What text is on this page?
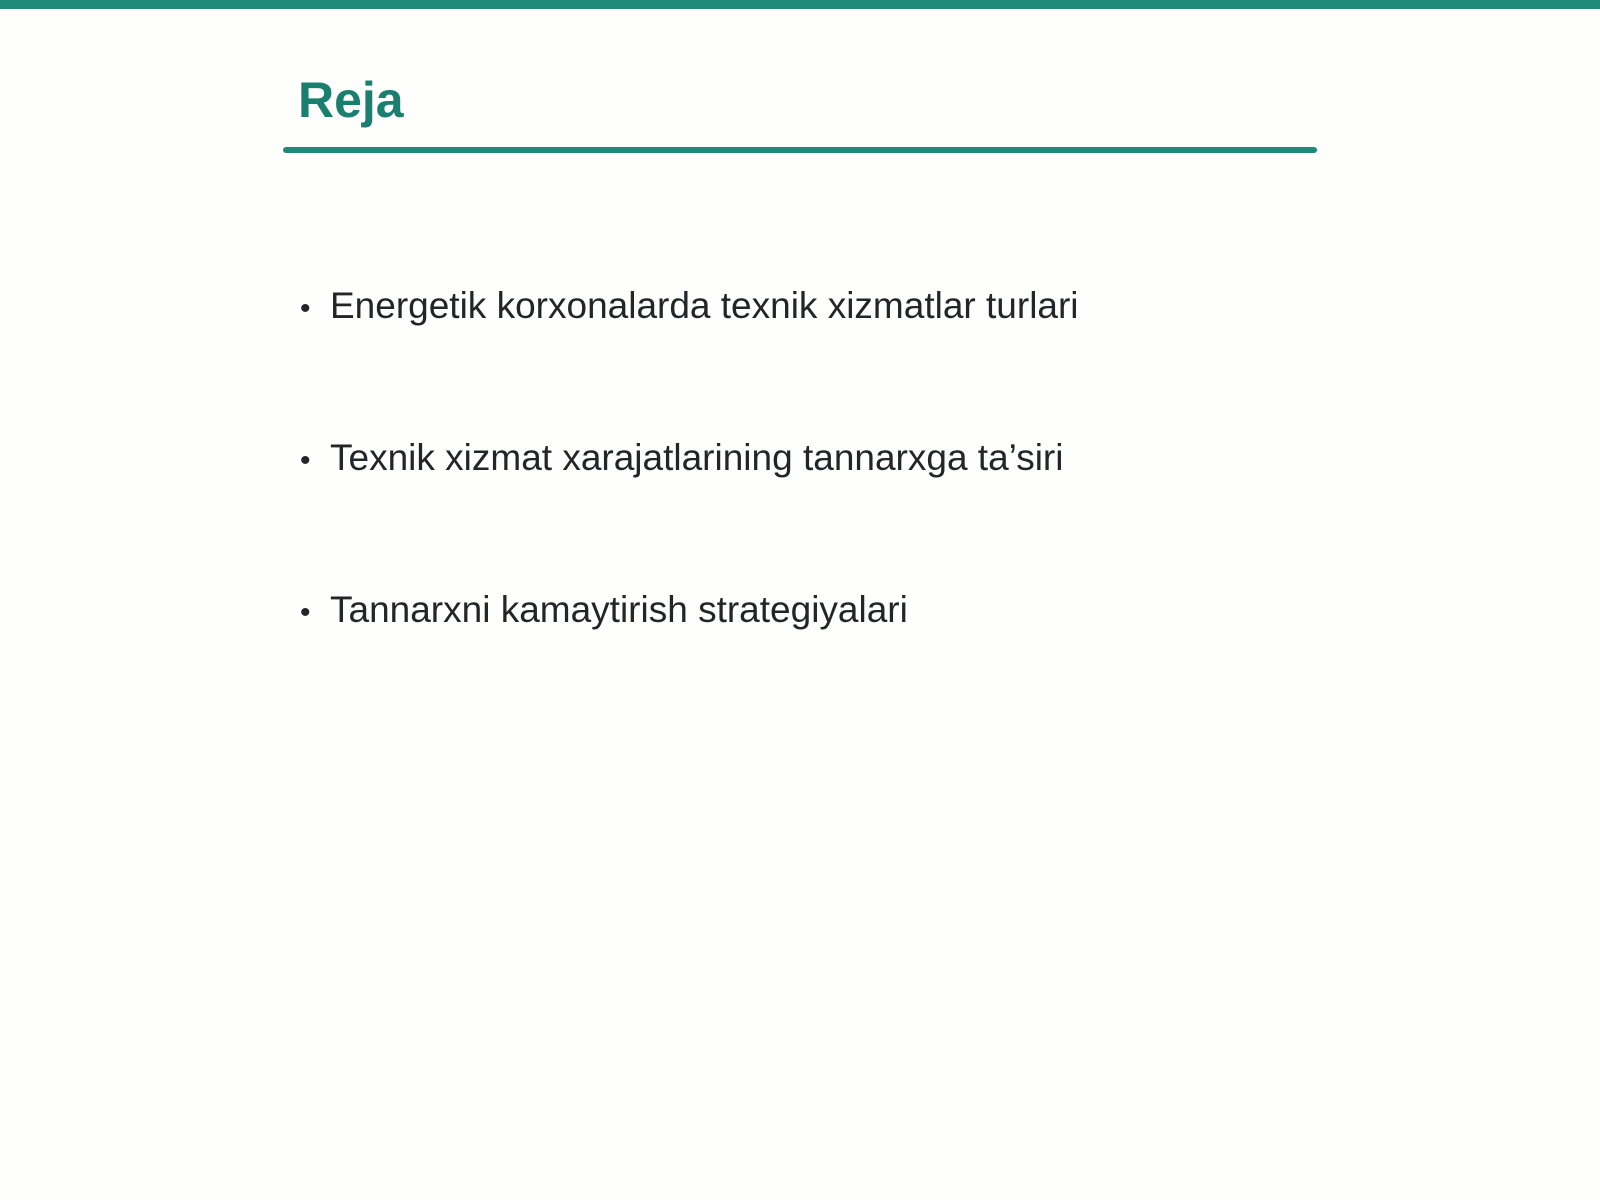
Reja
• Energetik korxonalarda texnik xizmatlar turlari
• Texnik xizmat xarajatlarining tannarxga ta’siri
• Tannarxni kamaytirish strategiyalari
